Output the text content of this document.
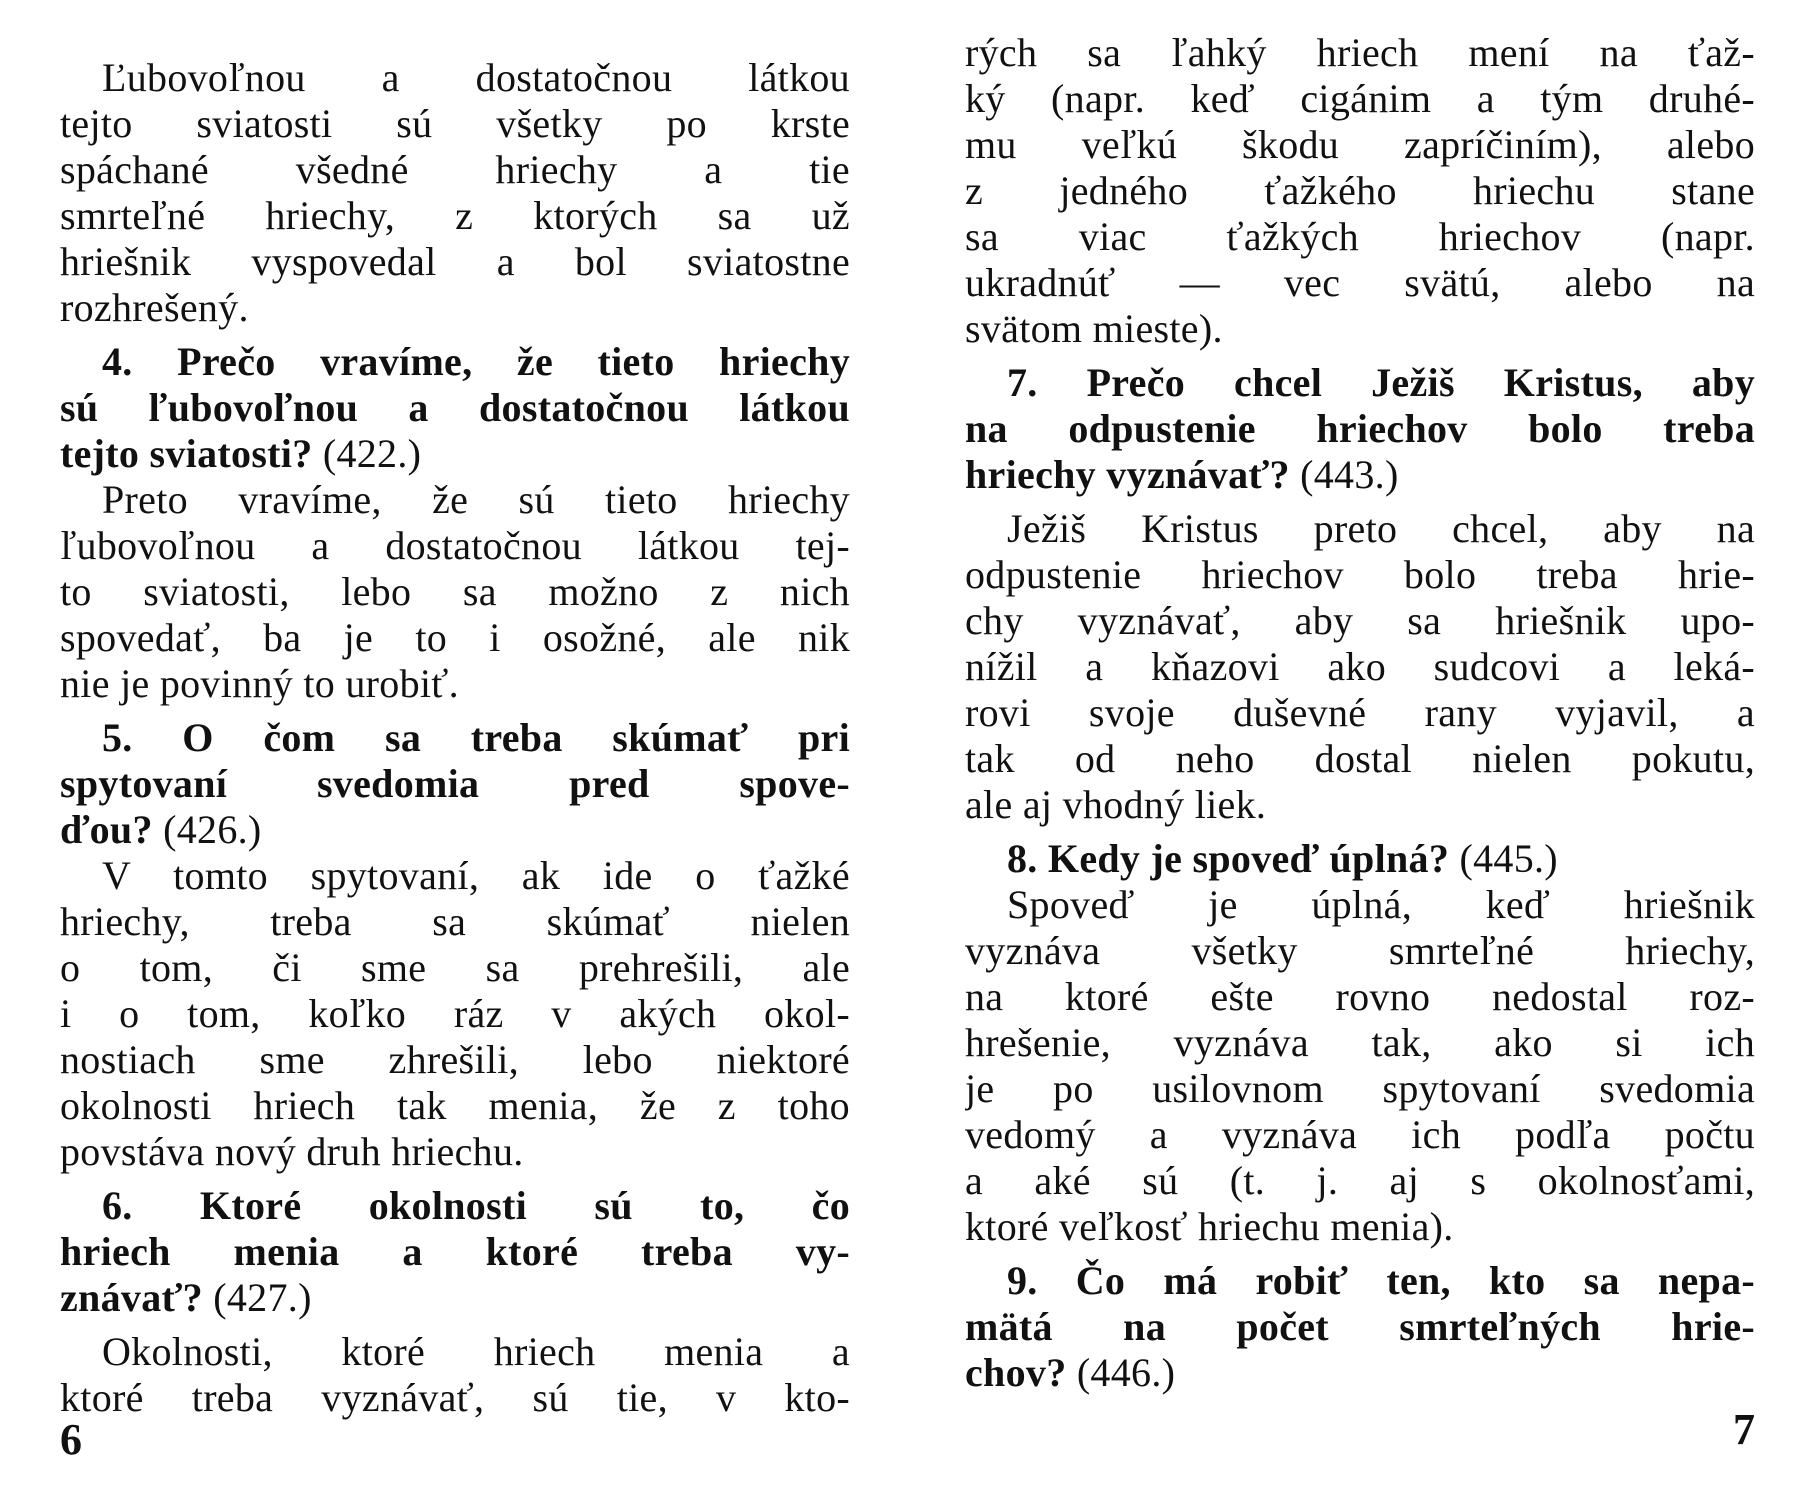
Ľubovoľnou a dostatočnou látkou
tejto sviatosti sú všetky po krste
spáchané všedné hriechy a tie
smrteľné hriechy, z ktorých sa už
hriešnik vyspovedal a bol sviatostne
rozhrešený.
4. Prečo vravíme, že tieto hriechy
sú ľubovoľnou a dostatočnou látkou
tejto sviatosti? (422.)
Preto vravíme, že sú tieto hriechy
ľubovoľnou a dostatočnou látkou tej-
to sviatosti, lebo sa možno z nich
spovedať, ba je to i osožné, ale nik
nie je povinný to urobiť.
5. O čom sa treba skúmať pri
spytovaní svedomia pred spove-
ďou? (426.)
V tomto spytovaní, ak ide o ťažké
hriechy, treba sa skúmať nielen
o tom, či sme sa prehrešili, ale
i o tom, koľko ráz v akých okol-
nostiach sme zhrešili, lebo niektoré
okolnosti hriech tak menia, že z toho
povstáva nový druh hriechu.
6. Ktoré okolnosti sú to, čo
hriech menia a ktoré treba vy-
znávať? (427.)
Okolnosti, ktoré hriech menia a
ktoré treba vyznávať, sú tie, v kto-
6
rých sa ľahký hriech mení na ťaž-
ký (napr. keď cigánim a tým druhé-
mu veľkú škodu zapríčiním), alebo
z jedného ťažkého hriechu stane
sa viac ťažkých hriechov (napr.
ukradnúť — vec svätú, alebo na
svätom mieste).
7. Prečo chcel Ježiš Kristus, aby
na odpustenie hriechov bolo treba
hriechy vyznávať? (443.)
Ježiš Kristus preto chcel, aby na
odpustenie hriechov bolo treba hrie-
chy vyznávať, aby sa hriešnik upo-
nížil a kňazovi ako sudcovi a leká-
rovi svoje duševné rany vyjavil, a
tak od neho dostal nielen pokutu,
ale aj vhodný liek.
8. Kedy je spoveď úplná? (445.)
Spoveď je úplná, keď hriešnik
vyznáva všetky smrteľné hriechy,
na ktoré ešte rovno nedostal roz-
hrešenie, vyznáva tak, ako si ich
je po usilovnom spytovaní svedomia
vedomý a vyznáva ich podľa počtu
a aké sú (t. j. aj s okolnosťami,
ktoré veľkosť hriechu menia).
9. Čo má robiť ten, kto sa nepa-
mätá na počet smrteľných hrie-
chov? (446.)
7
